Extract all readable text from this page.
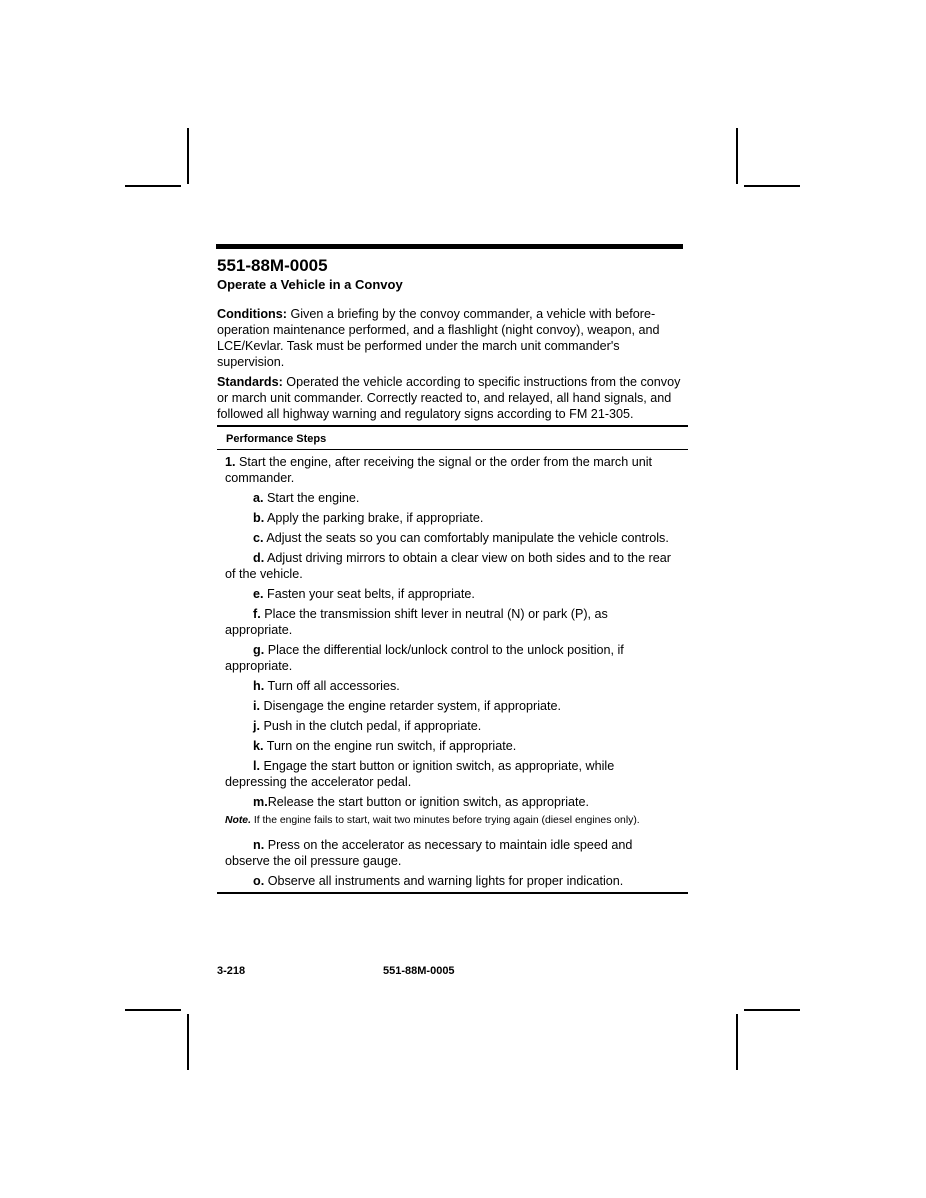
551-88M-0005
Operate a Vehicle in a Convoy
Conditions: Given a briefing by the convoy commander, a vehicle with before-operation maintenance performed, and a flashlight (night convoy), weapon, and LCE/Kevlar. Task must be performed under the march unit commander's supervision.
Standards: Operated the vehicle according to specific instructions from the convoy or march unit commander. Correctly reacted to, and relayed, all hand signals, and followed all highway warning and regulatory signs according to FM 21-305.
Performance Steps
1. Start the engine, after receiving the signal or the order from the march unit commander.
a. Start the engine.
b. Apply the parking brake, if appropriate.
c. Adjust the seats so you can comfortably manipulate the vehicle controls.
d. Adjust driving mirrors to obtain a clear view on both sides and to the rear of the vehicle.
e. Fasten your seat belts, if appropriate.
f. Place the transmission shift lever in neutral (N) or park (P), as appropriate.
g. Place the differential lock/unlock control to the unlock position, if appropriate.
h. Turn off all accessories.
i. Disengage the engine retarder system, if appropriate.
j. Push in the clutch pedal, if appropriate.
k. Turn on the engine run switch, if appropriate.
l. Engage the start button or ignition switch, as appropriate, while depressing the accelerator pedal.
m.Release the start button or ignition switch, as appropriate.
Note. If the engine fails to start, wait two minutes before trying again (diesel engines only).
n. Press on the accelerator as necessary to maintain idle speed and observe the oil pressure gauge.
o. Observe all instruments and warning lights for proper indication.
3-218	551-88M-0005
